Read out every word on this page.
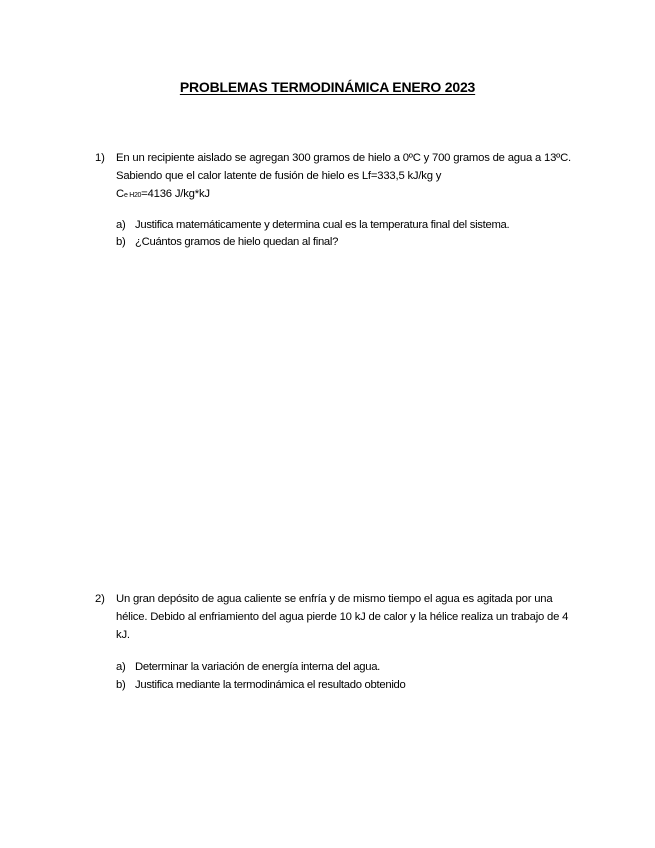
PROBLEMAS TERMODINÁMICA ENERO 2023
1) En un recipiente aislado se agregan 300 gramos de hielo a 0ºC y 700 gramos de agua a 13ºC. Sabiendo que el calor latente de fusión de hielo es Lf=333,5 kJ/kg y
Ce H20=4136 J/kg*kJ
a) Justifica matemáticamente y determina cual es la temperatura final del sistema.
b) ¿Cuántos gramos de hielo quedan al final?
2) Un gran depósito de agua caliente se enfría y de mismo tiempo el agua es agitada por una hélice. Debido al enfriamiento del agua pierde 10 kJ de calor y la hélice realiza un trabajo de 4 kJ.
a) Determinar la variación de energía interna del agua.
b) Justifica mediante la termodinámica el resultado obtenido
